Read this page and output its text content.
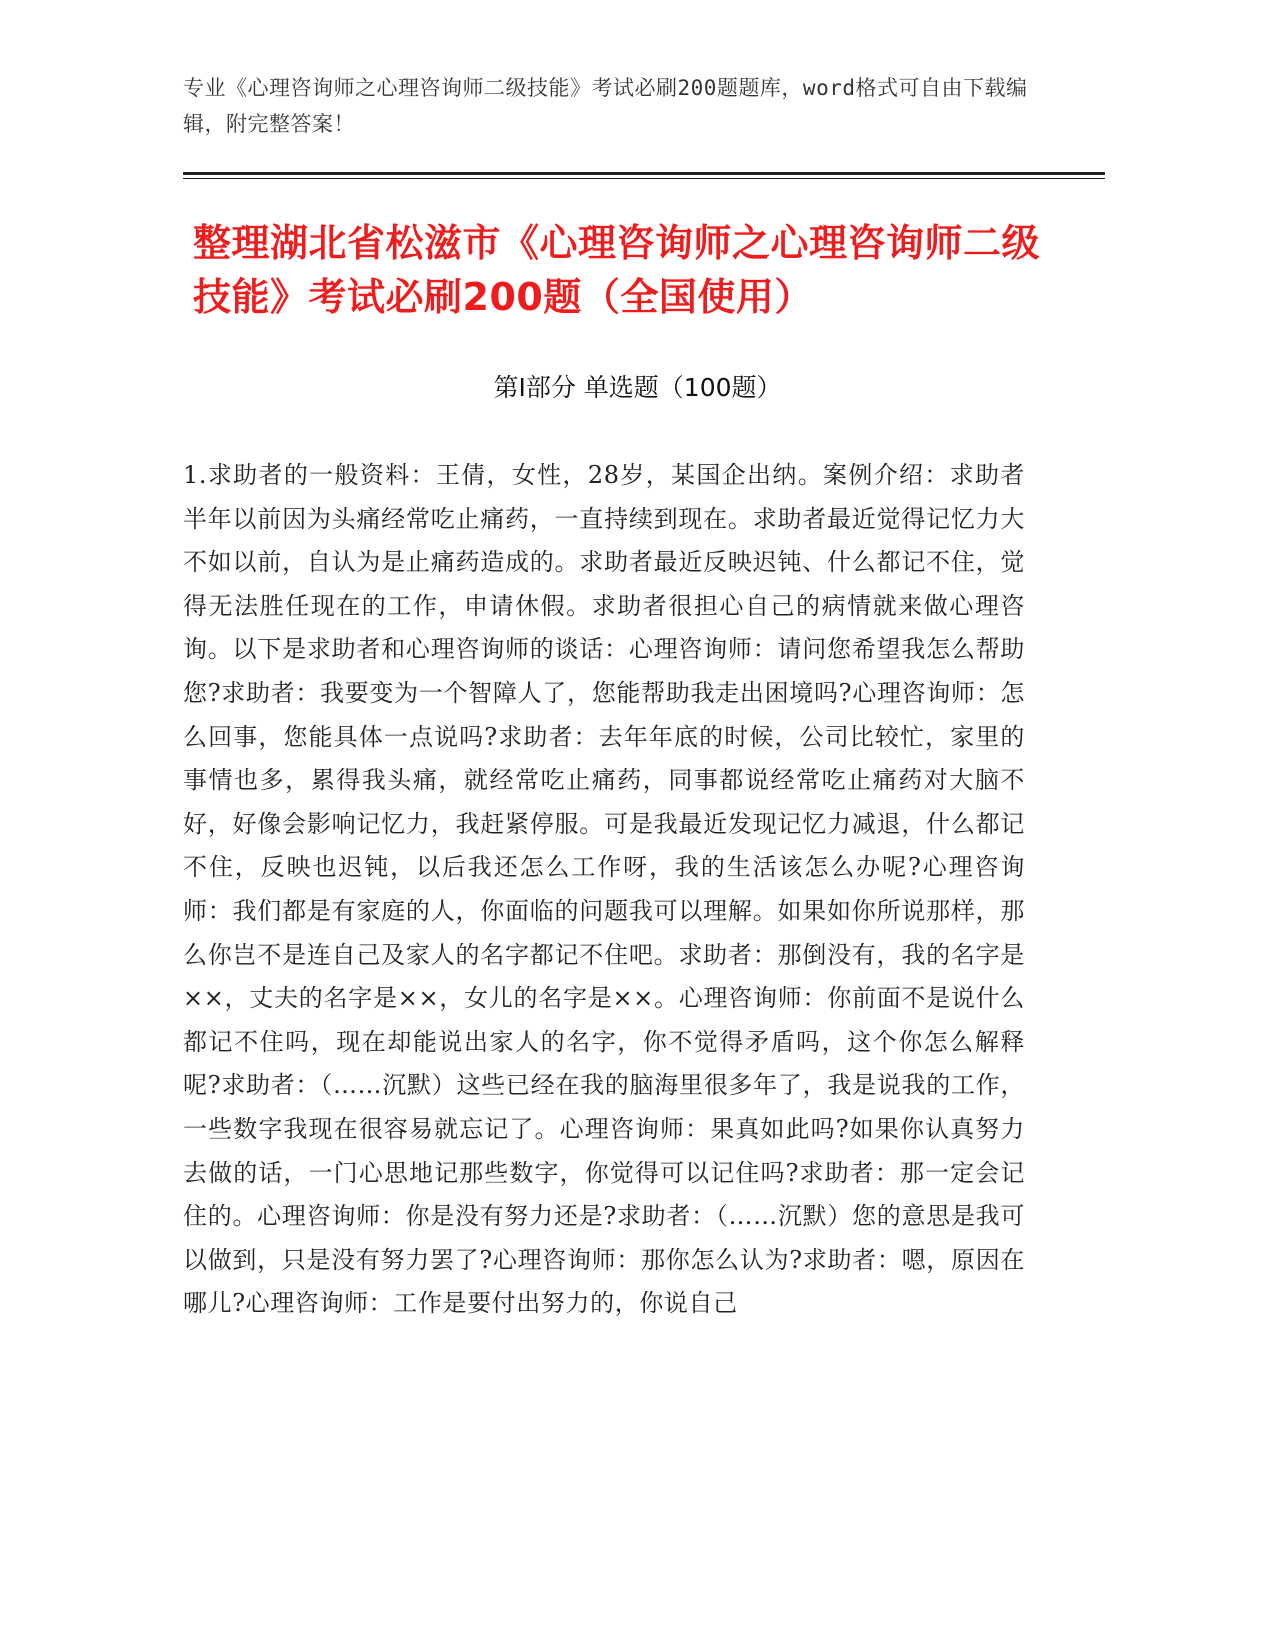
专业《心理咨询师之心理咨询师二级技能》考试必刷200题题库，word格式可自由下载编辑，附完整答案！
整理湖北省松滋市《心理咨询师之心理咨询师二级技能》考试必刷200题（全国使用）
第Ⅰ部分 单选题（100题）
1.求助者的一般资料：王倩，女性，28岁，某国企出纳。案例介绍：求助者半年以前因为头痛经常吃止痛药，一直持续到现在。求助者最近觉得记忆力大不如以前，自认为是止痛药造成的。求助者最近反映迟钝、什么都记不住，觉得无法胜任现在的工作，申请休假。求助者很担心自己的病情就来做心理咨询。以下是求助者和心理咨询师的谈话：心理咨询师：请问您希望我怎么帮助您?求助者：我要变为一个智障人了，您能帮助我走出困境吗?心理咨询师：怎么回事，您能具体一点说吗?求助者：去年年底的时候，公司比较忙，家里的事情也多，累得我头痛，就经常吃止痛药，同事都说经常吃止痛药对大脑不好，好像会影响记忆力，我赶紧停服。可是我最近发现记忆力减退，什么都记不住，反映也迟钝，以后我还怎么工作呀，我的生活该怎么办呢?心理咨询师：我们都是有家庭的人，你面临的问题我可以理解。如果如你所说那样，那么你岂不是连自己及家人的名字都记不住吧。求助者：那倒没有，我的名字是××，丈夫的名字是××，女儿的名字是××。心理咨询师：你前面不是说什么都记不住吗，现在却能说出家人的名字，你不觉得矛盾吗，这个你怎么解释呢?求助者：（……沉默）这些已经在我的脑海里很多年了，我是说我的工作，一些数字我现在很容易就忘记了。心理咨询师：果真如此吗?如果你认真努力去做的话，一门心思地记那些数字，你觉得可以记住吗?求助者：那一定会记住的。心理咨询师：你是没有努力还是?求助者：（……沉默）您的意思是我可以做到，只是没有努力罢了?心理咨询师：那你怎么认为?求助者：嗯，原因在哪儿?心理咨询师：工作是要付出努力的，你说自己
